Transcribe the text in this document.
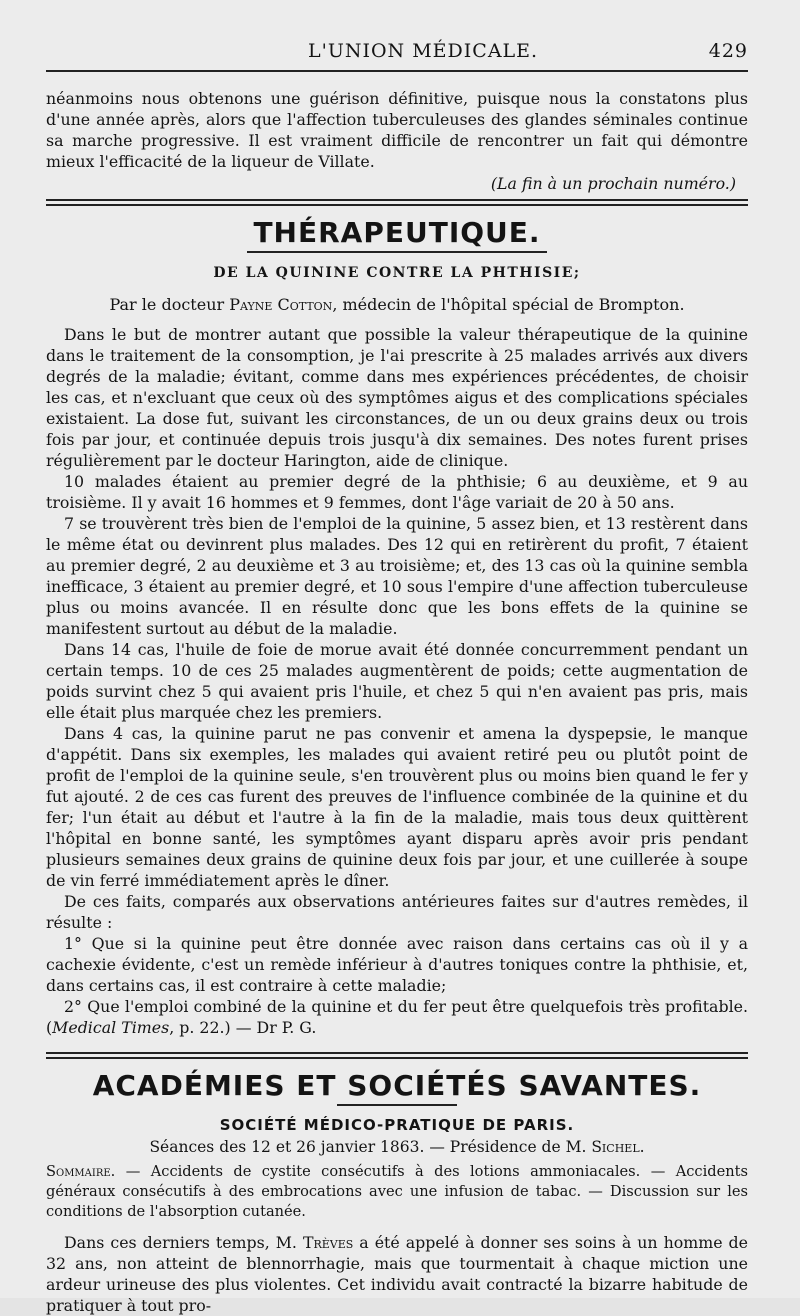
L'UNION MÉDICALE.	429

néanmoins nous obtenons une guérison définitive, puisque nous la constatons plus d'une année après, alors que l'affection tuberculeuses des glandes séminales continue sa marche progressive. Il est vraiment difficile de rencontrer un fait qui démontre mieux l'efficacité de la liqueur de Villate.

(La fin à un prochain numéro.)

THÉRAPEUTIQUE.
DE LA QUININE CONTRE LA PHTHISIE;

Par le docteur Payne Cotton, médecin de l'hôpital spécial de Brompton.

Dans le but de montrer autant que possible la valeur thérapeutique de la quinine dans le traitement de la consomption, je l'ai prescrite à 25 malades arrivés aux divers degrés de la maladie; évitant, comme dans mes expériences précédentes, de choisir les cas, et n'excluant que ceux où des symptômes aigus et des complications spéciales existaient. La dose fut, suivant les circonstances, de un ou deux grains deux ou trois fois par jour, et continuée depuis trois jusqu'à dix semaines. Des notes furent prises régulièrement par le docteur Harington, aide de clinique.

10 malades étaient au premier degré de la phthisie; 6 au deuxième, et 9 au troisième. Il y avait 16 hommes et 9 femmes, dont l'âge variait de 20 à 50 ans.

7 se trouvèrent très bien de l'emploi de la quinine, 5 assez bien, et 13 restèrent dans le même état ou devinrent plus malades. Des 12 qui en retirèrent du profit, 7 étaient au premier degré, 2 au deuxième et 3 au troisième; et, des 13 cas où la quinine sembla inefficace, 3 étaient au premier degré, et 10 sous l'empire d'une affection tuberculeuse plus ou moins avancée. Il en résulte donc que les bons effets de la quinine se manifestent surtout au début de la maladie.

Dans 14 cas, l'huile de foie de morue avait été donnée concurremment pendant un certain temps. 10 de ces 25 malades augmentèrent de poids; cette augmentation de poids survint chez 5 qui avaient pris l'huile, et chez 5 qui n'en avaient pas pris, mais elle était plus marquée chez les premiers.

Dans 4 cas, la quinine parut ne pas convenir et amena la dyspepsie, le manque d'appétit. Dans six exemples, les malades qui avaient retiré peu ou plutôt point de profit de l'emploi de la quinine seule, s'en trouvèrent plus ou moins bien quand le fer y fut ajouté. 2 de ces cas furent des preuves de l'influence combinée de la quinine et du fer; l'un était au début et l'autre à la fin de la maladie, mais tous deux quittèrent l'hôpital en bonne santé, les symptômes ayant disparu après avoir pris pendant plusieurs semaines deux grains de quinine deux fois par jour, et une cuillerée à soupe de vin ferré immédiatement après le dîner.

De ces faits, comparés aux observations antérieures faites sur d'autres remèdes, il résulte :

1° Que si la quinine peut être donnée avec raison dans certains cas où il y a cachexie évidente, c'est un remède inférieur à d'autres toniques contre la phthisie, et, dans certains cas, il est contraire à cette maladie;

2° Que l'emploi combiné de la quinine et du fer peut être quelquefois très profitable. (Medical Times, p. 22.) — Dr P. G.

ACADÉMIES ET SOCIÉTÉS SAVANTES.
SOCIÉTÉ MÉDICO-PRATIQUE DE PARIS.

Séances des 12 et 26 janvier 1863. — Présidence de M. Sichel.

Sommaire. — Accidents de cystite consécutifs à des lotions ammoniacales. — Accidents généraux consécutifs à des embrocations avec une infusion de tabac. — Discussion sur les conditions de l'absorption cutanée.

Dans ces derniers temps, M. Trèves a été appelé à donner ses soins à un homme de 32 ans, non atteint de blennorrhagie, mais que tourmentait à chaque miction une ardeur urineuse des plus violentes. Cet individu avait contracté la bizarre habitude de pratiquer à tout pro-
